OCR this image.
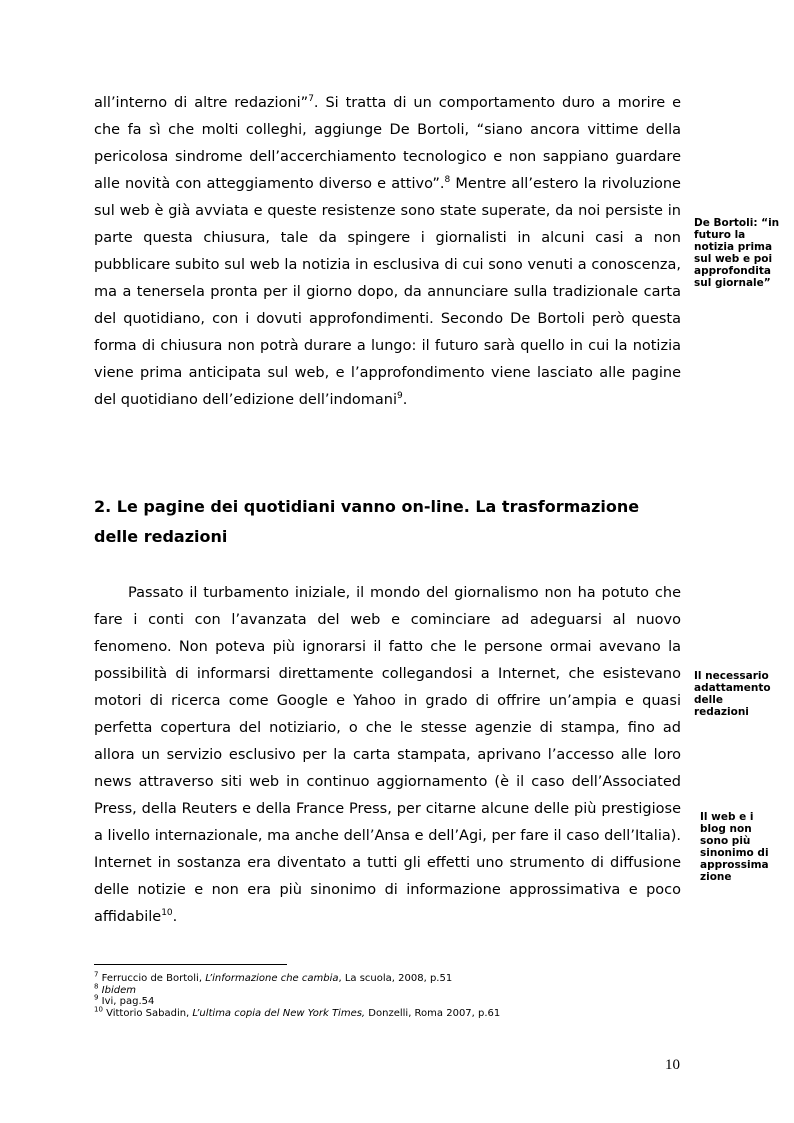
all’interno di altre redazioni”$^7$. Si tratta di un comportamento duro a morire e che fa sì che molti colleghi, aggiunge De Bortoli, “siano ancora vittime della pericolosa sindrome dell’accerchiamento tecnologico e non sappiano guardare alle novità con atteggiamento diverso e attivo”.$^8$ Mentre all’estero la rivoluzione sul web è già avviata e queste resistenze sono state superate, da noi persiste in parte questa chiusura, tale da spingere i giornalisti in alcuni casi a non pubblicare subito sul web la notizia in esclusiva di cui sono venuti a conoscenza, ma a tenersela pronta per il giorno dopo, da annunciare sulla tradizionale carta del quotidiano, con i dovuti approfondimenti. Secondo De Bortoli però questa forma di chiusura non potrà durare a lungo: il futuro sarà quello in cui la notizia viene prima anticipata sul web, e l’approfondimento viene lasciato alle pagine del quotidiano dell’edizione dell’indomani$^9$.

De Bortoli: “in
futuro la
notizia prima
sul web e poi
approfondita
sul giornale”

2. Le pagine dei quotidiani vanno on-line. La trasformazione delle redazioni

Passato il turbamento iniziale, il mondo del giornalismo non ha potuto che fare i conti con l’avanzata del web e cominciare ad adeguarsi al nuovo fenomeno. Non poteva più ignorarsi il fatto che le persone ormai avevano la possibilità di informarsi direttamente collegandosi a Internet, che esistevano motori di ricerca come Google e Yahoo in grado di offrire un’ampia e quasi perfetta copertura del notiziario, o che le stesse agenzie di stampa, fino ad allora un servizio esclusivo per la carta stampata, aprivano l’accesso alle loro news attraverso siti web in continuo aggiornamento (è il caso dell’Associated Press, della Reuters e della France Press, per citarne alcune delle più prestigiose a livello internazionale, ma anche dell’Ansa e dell’Agi, per fare il caso dell’Italia). Internet in sostanza era diventato a tutti gli effetti uno strumento di diffusione delle notizie e non era più sinonimo di informazione approssimativa e poco affidabile$^{10}$.

Il necessario
adattamento
delle
redazioni

Il web e i
blog non
sono più
sinonimo di
approssima
zione

$^7$ Ferruccio de Bortoli, L’informazione che cambia, La scuola, 2008, p.51

$^8$ Ibidem

$^9$ Ivi, pag.54

$^{10}$ Vittorio Sabadin, L’ultima copia del New York Times, Donzelli, Roma 2007, p.61

10
